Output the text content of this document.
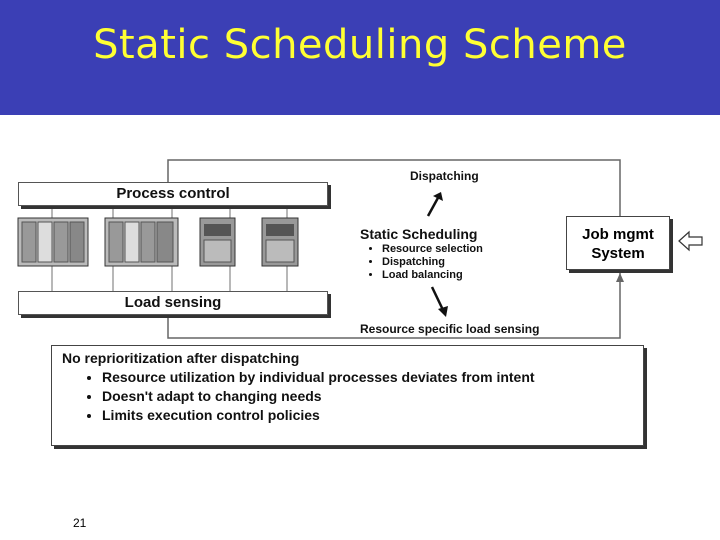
Static Scheduling Scheme
Process control
Load sensing
Dispatching
Static Scheduling
• Resource selection
• Dispatching
• Load balancing
Job mgmt
System
Resource specific load sensing
No reprioritization after dispatching
• Resource utilization by individual processes deviates from intent
• Doesn't adapt to changing needs
• Limits execution control policies
21
